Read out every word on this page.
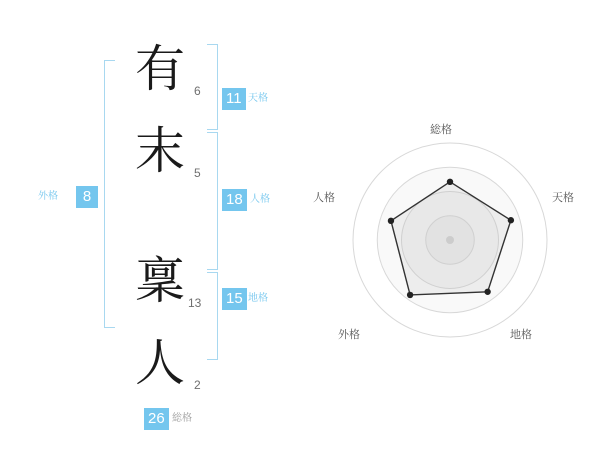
有
末
稟
人
6
5
13
2
11 天格
18 人格
15 地格
8
外格
26 総格
総格
天格
地格
外格
人格
